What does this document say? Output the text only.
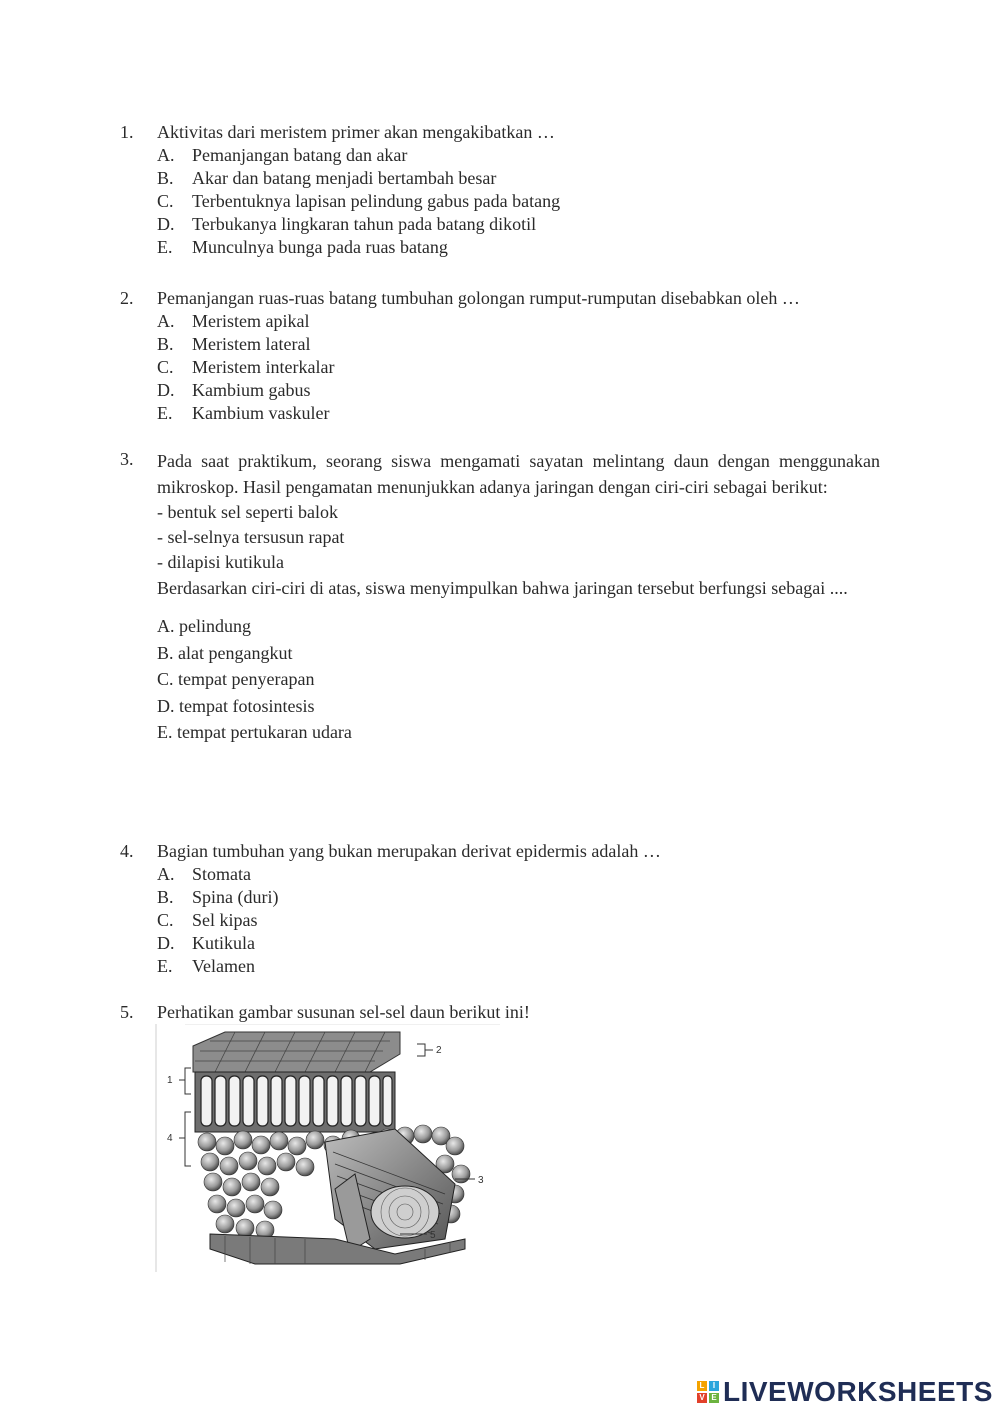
1.	Aktivitas dari meristem primer akan mengakibatkan …
A. Pemanjangan batang dan akar
B.	Akar dan batang menjadi bertambah besar
C.	Terbentuknya lapisan pelindung gabus pada batang
D. Terbukanya lingkaran tahun pada batang dikotil
E.	Munculnya bunga pada ruas batang
2.	Pemanjangan ruas-ruas batang tumbuhan golongan rumput-rumputan disebabkan oleh …
A. Meristem apikal
B.	Meristem lateral
C.	Meristem interkalar
D. Kambium gabus
E.	Kambium vaskuler
3.	Pada saat praktikum, seorang siswa mengamati sayatan melintang daun dengan menggunakan mikroskop. Hasil pengamatan menunjukkan adanya jaringan dengan ciri-ciri sebagai berikut:
- bentuk sel seperti balok
- sel-selnya tersusun rapat
- dilapisi kutikula
Berdasarkan ciri-ciri di atas, siswa menyimpulkan bahwa jaringan tersebut berfungsi sebagai ....
A. pelindung
B. alat pengangkut
C. tempat penyerapan
D. tempat fotosintesis
E. tempat pertukaran udara
4.	Bagian tumbuhan yang bukan merupakan derivat epidermis adalah …
A. Stomata
B.	Spina (duri)
C.	Sel kipas
D. Kutikula
E.	Velamen
5.	Perhatikan gambar susunan sel-sel daun berikut ini!
1
2
3
4
5
L	I
V E LIVEWORKSHEETS
